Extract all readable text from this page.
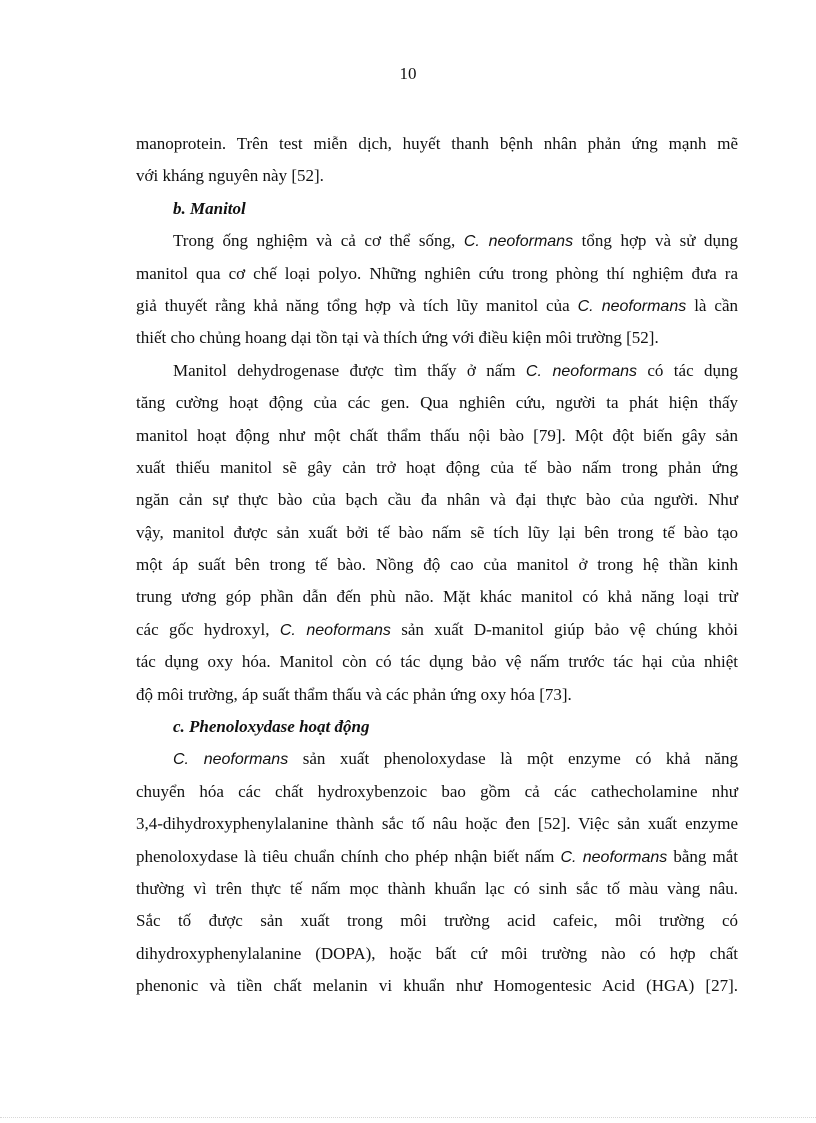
10
manoprotein. Trên test miễn dịch, huyết thanh bệnh nhân phản ứng mạnh mẽ
với kháng nguyên này [52].
b. Manitol
Trong ống nghiệm và cả cơ thể sống, C. neoformans tổng hợp và sử dụng
manitol qua cơ chế loại polyo. Những nghiên cứu trong phòng thí nghiệm đưa ra
giả thuyết rằng khả năng tổng hợp và tích lũy manitol của C. neoformans là cần
thiết cho chủng hoang dại tồn tại và thích ứng với điều kiện môi trường [52].
Manitol dehydrogenase được tìm thấy ở nấm C. neoformans có tác dụng
tăng cường hoạt động của các gen. Qua nghiên cứu, người ta phát hiện thấy
manitol hoạt động như một chất thẩm thấu nội bào [79]. Một đột biến gây sản
xuất thiếu manitol sẽ gây cản trở hoạt động của tế bào nấm trong phản ứng
ngăn cản sự thực bào của bạch cầu đa nhân và đại thực bào của người. Như
vậy, manitol được sản xuất bởi tế bào nấm sẽ tích lũy lại bên trong tế bào tạo
một áp suất bên trong tế bào. Nồng độ cao của manitol ở trong hệ thần kinh
trung ương góp phần dẫn đến phù não. Mặt khác manitol có khả năng loại trừ
các gốc hydroxyl, C. neoformans sản xuất D-manitol giúp bảo vệ chúng khỏi
tác dụng oxy hóa. Manitol còn có tác dụng bảo vệ nấm trước tác hại của nhiệt
độ môi trường, áp suất thẩm thấu và các phản ứng oxy hóa [73].
c. Phenoloxydase hoạt động
C. neoformans sản xuất phenoloxydase là một enzyme có khả năng
chuyển hóa các chất hydroxybenzoic bao gồm cả các cathecholamine như
3,4-dihydroxyphenylalanine thành sắc tố nâu hoặc đen [52]. Việc sản xuất enzyme
phenoloxydase là tiêu chuẩn chính cho phép nhận biết nấm C. neoformans bằng mắt
thường vì trên thực tế nấm mọc thành khuẩn lạc có sinh sắc tố màu vàng nâu.
Sắc tố được sản xuất trong môi trường acid cafeic, môi trường có
dihydroxyphenylalanine (DOPA), hoặc bất cứ môi trường nào có hợp chất
phenonic và tiền chất melanin vi khuẩn như Homogentesic Acid (HGA) [27].
